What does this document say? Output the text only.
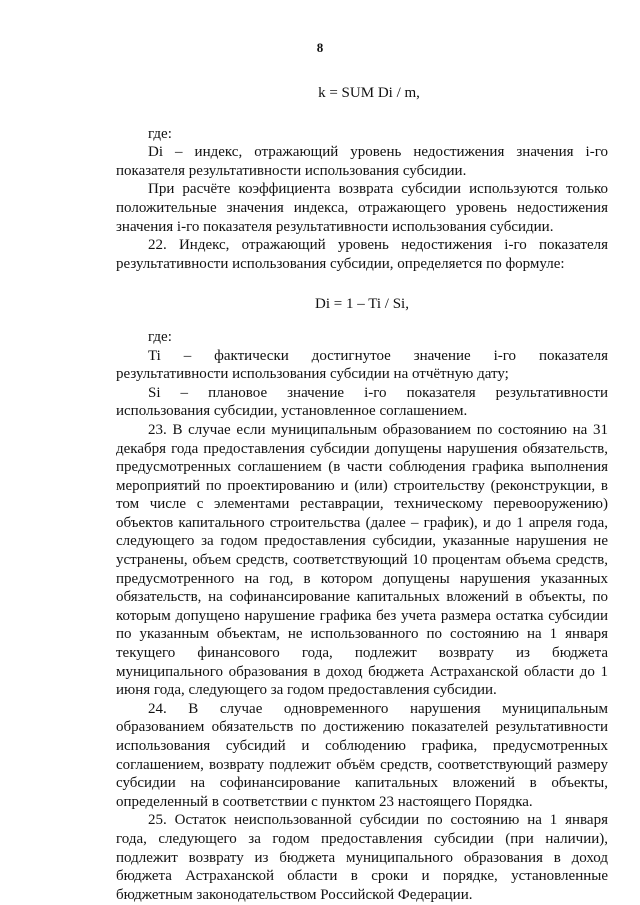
8

k = SUM Di / m,

где:

Di – индекс, отражающий уровень недостижения значения i-го показателя результативности использования субсидии.

При расчёте коэффициента возврата субсидии используются только положительные значения индекса, отражающего уровень недостижения значения i-го показателя результативности использования субсидии.

22. Индекс, отражающий уровень недостижения i-го показателя результативности использования субсидии, определяется по формуле:

Di = 1 – Ti / Si,

где:

Ti – фактически достигнутое значение i-го показателя результативности использования субсидии на отчётную дату;

Si – плановое значение i-го показателя результативности использования субсидии, установленное соглашением.

23. В случае если муниципальным образованием по состоянию на 31 декабря года предоставления субсидии допущены нарушения обязательств, предусмотренных соглашением (в части соблюдения графика выполнения мероприятий по проектированию и (или) строительству (реконструкции, в том числе с элементами реставрации, техническому перевооружению) объектов капитального строительства (далее – график), и до 1 апреля года, следующего за годом предоставления субсидии, указанные нарушения не устранены, объем средств, соответствующий 10 процентам объема средств, предусмотренного на год, в котором допущены нарушения указанных обязательств, на софинансирование капитальных вложений в объекты, по которым допущено нарушение графика без учета размера остатка субсидии по указанным объектам, не использованного по состоянию на 1 января текущего финансового года, подлежит возврату из бюджета муниципального образования в доход бюджета Астраханской области до 1 июня года, следующего за годом предоставления субсидии.

24. В случае одновременного нарушения муниципальным образованием обязательств по достижению показателей результативности использования субсидий и соблюдению графика, предусмотренных соглашением, возврату подлежит объём средств, соответствующий размеру субсидии на софинансирование капитальных вложений в объекты, определенный в соответствии с пунктом 23 настоящего Порядка.

25. Остаток неиспользованной субсидии по состоянию на 1 января года, следующего за годом предоставления субсидии (при наличии), подлежит возврату из бюджета муниципального образования в доход бюджета Астраханской области в сроки и порядке, установленные бюджетным законодательством Российской Федерации.
